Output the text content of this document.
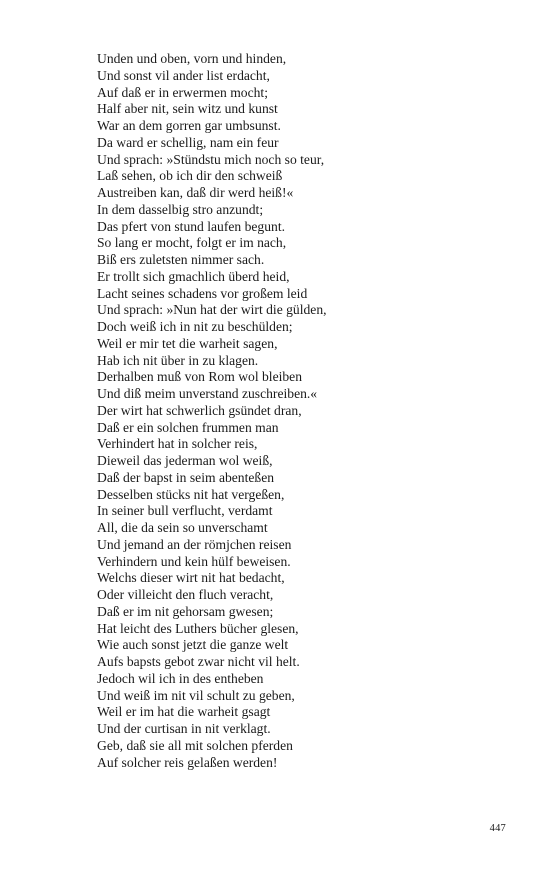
Unden und oben, vorn und hinden,
Und sonst vil ander list erdacht,
Auf daß er in erwermen mocht;
Half aber nit, sein witz und kunst
War an dem gorren gar umbsunst.
Da ward er schellig, nam ein feur
Und sprach: »Stündstu mich noch so teur,
Laß sehen, ob ich dir den schweiß
Austreiben kan, daß dir werd heiß!«
In dem dasselbig stro anzundt;
Das pfert von stund laufen begunt.
So lang er mocht, folgt er im nach,
Biß ers zuletsten nimmer sach.
Er trollt sich gmachlich überd heid,
Lacht seines schadens vor großem leid
Und sprach: »Nun hat der wirt die gülden,
Doch weiß ich in nit zu beschülden;
Weil er mir tet die warheit sagen,
Hab ich nit über in zu klagen.
Derhalben muß von Rom wol bleiben
Und diß meim unverstand zuschreiben.«
Der wirt hat schwerlich gsündet dran,
Daß er ein solchen frummen man
Verhindert hat in solcher reis,
Dieweil das jederman wol weiß,
Daß der bapst in seim abenteßen
Desselben stücks nit hat vergeßen,
In seiner bull verflucht, verdamt
All, die da sein so unverschamt
Und jemand an der römjchen reisen
Verhindern und kein hülf beweisen.
Welchs dieser wirt nit hat bedacht,
Oder villeicht den fluch veracht,
Daß er im nit gehorsam gwesen;
Hat leicht des Luthers bücher glesen,
Wie auch sonst jetzt die ganze welt
Aufs bapsts gebot zwar nicht vil helt.
Jedoch wil ich in des entheben
Und weiß im nit vil schult zu geben,
Weil er im hat die warheit gsagt
Und der curtisan in nit verklagt.
Geb, daß sie all mit solchen pferden
Auf solcher reis gelaßen werden!
447
